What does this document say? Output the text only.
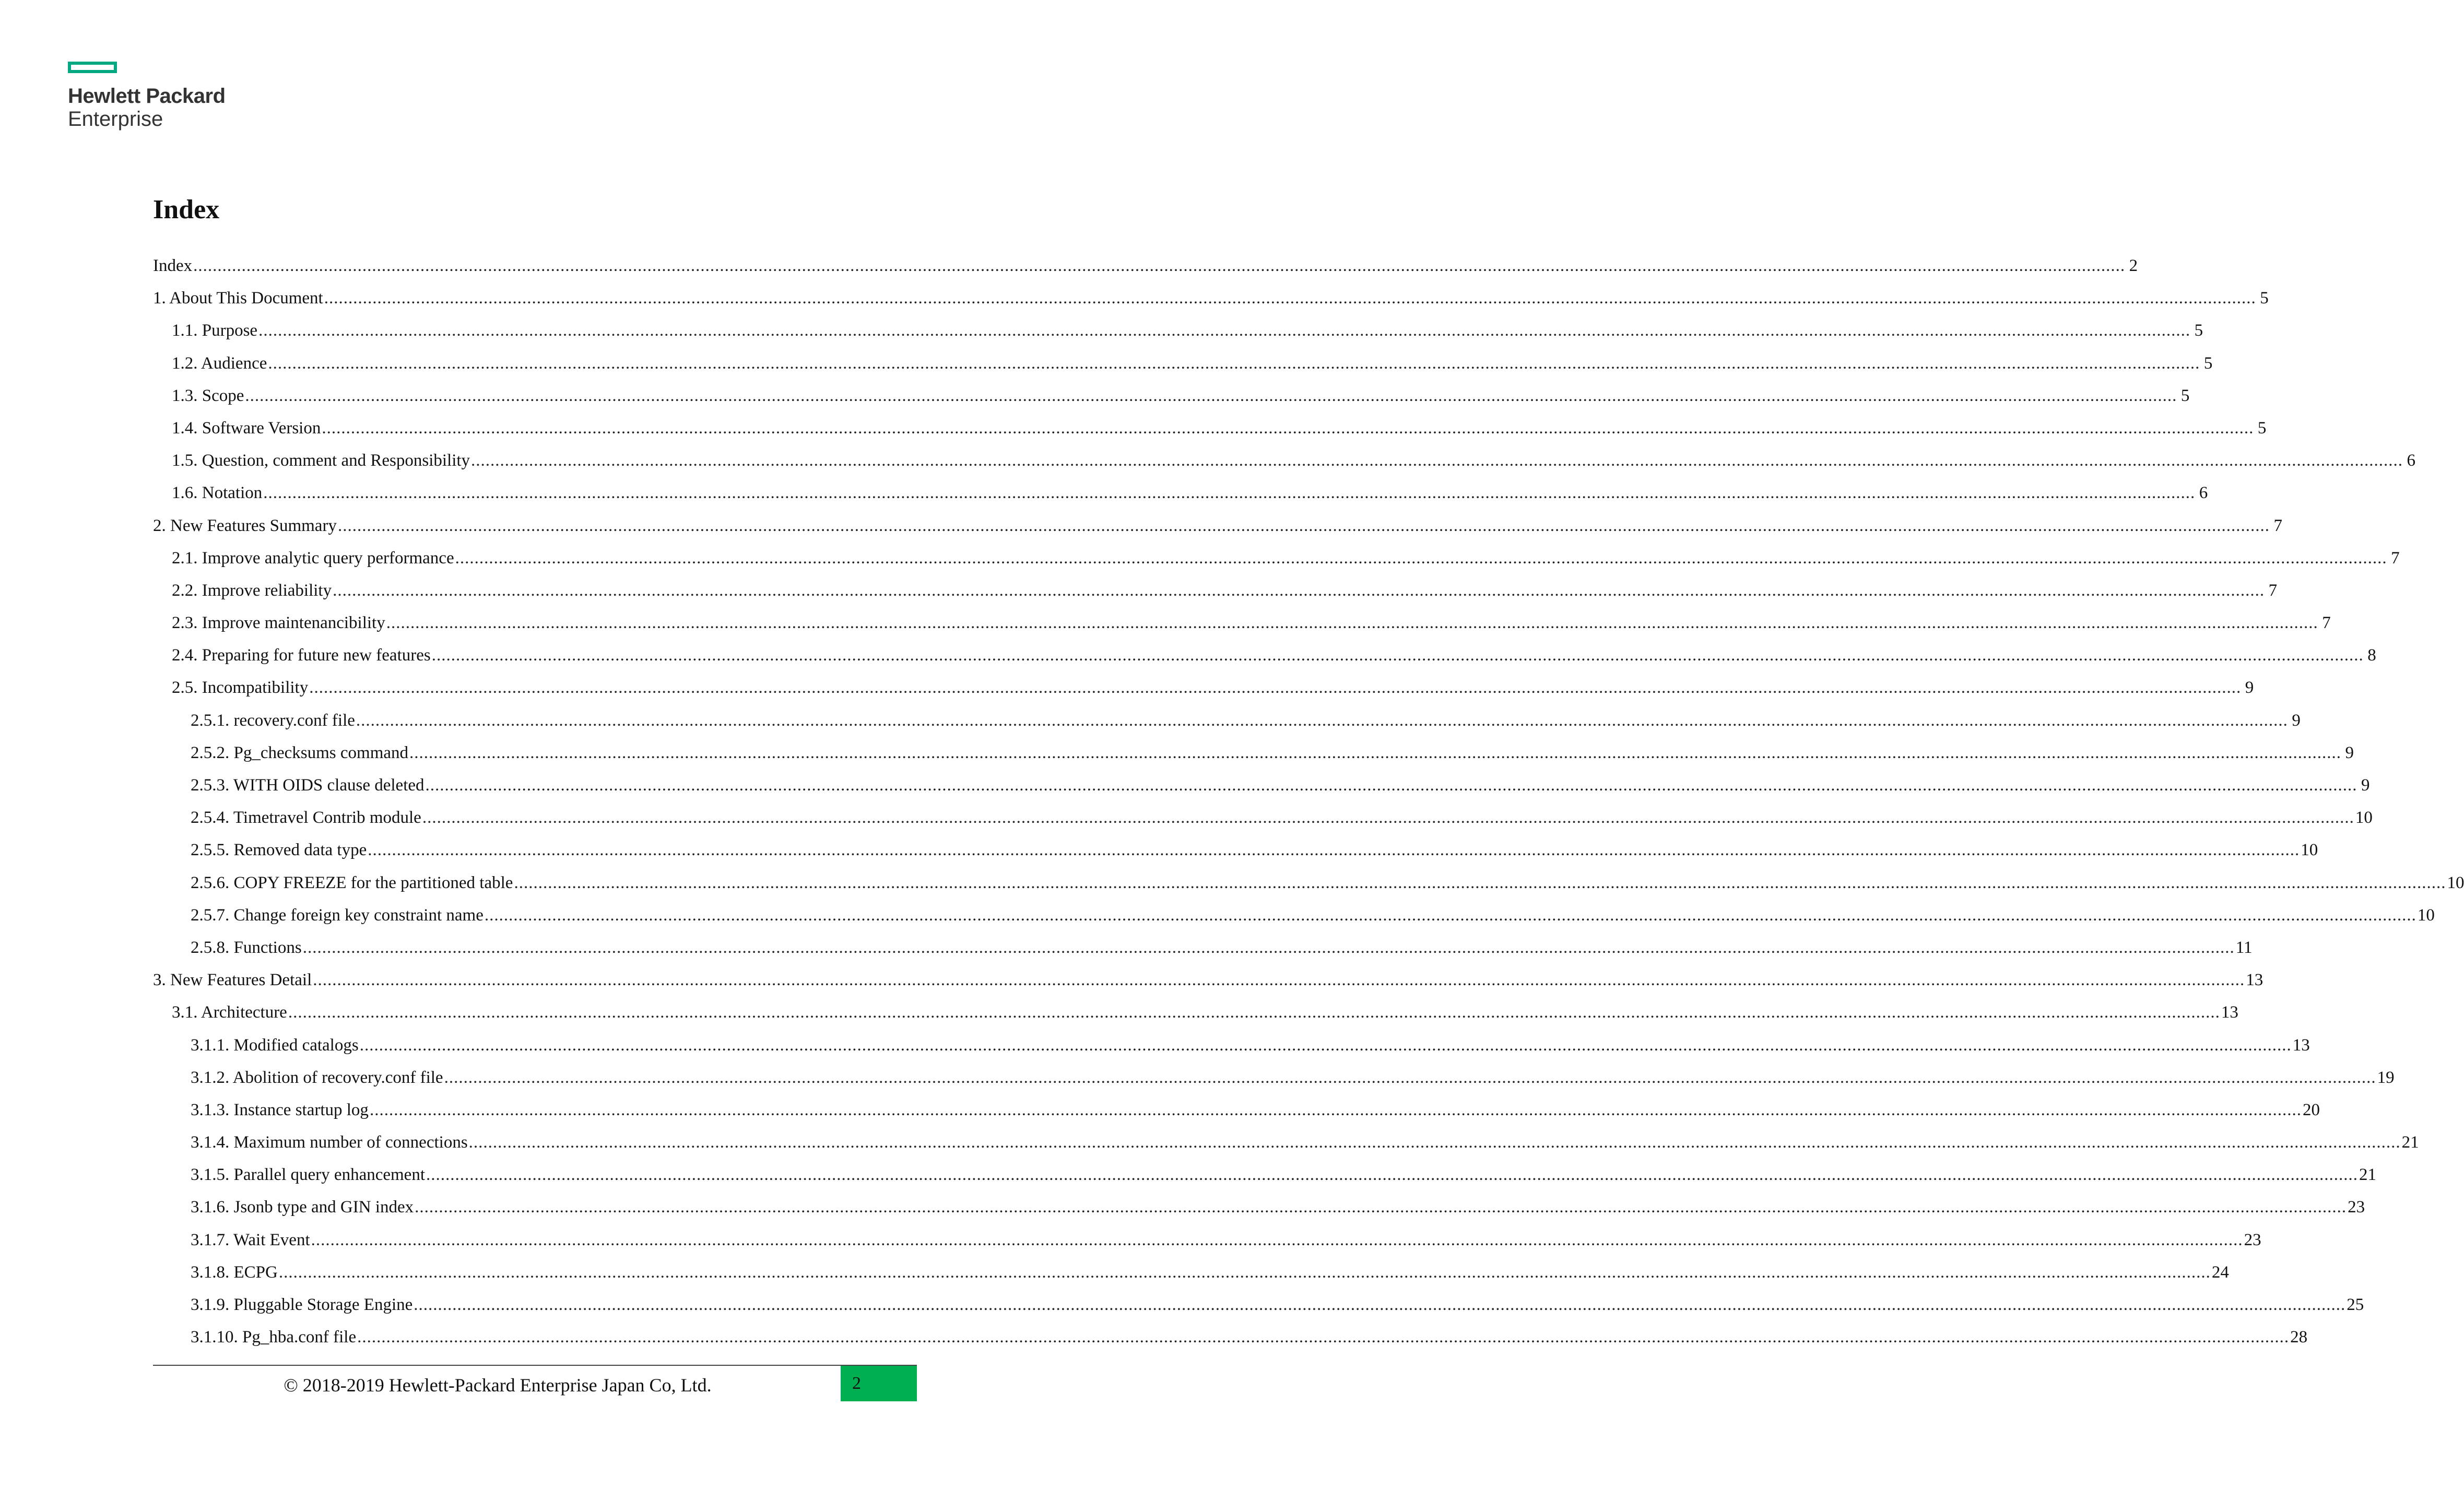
Hewlett Packard
Enterprise
Index
Index ................................................................................................................................................................................................................................................................................................................................................................................................................ 2
1. About This Document ................................................................................................................................................................................................................................................................................................................................................................................................................ 5
1.1. Purpose ................................................................................................................................................................................................................................................................................................................................................................................................................ 5
1.2. Audience ................................................................................................................................................................................................................................................................................................................................................................................................................ 5
1.3. Scope ................................................................................................................................................................................................................................................................................................................................................................................................................ 5
1.4. Software Version ................................................................................................................................................................................................................................................................................................................................................................................................................ 5
1.5. Question, comment and Responsibility ................................................................................................................................................................................................................................................................................................................................................................................................................ 6
1.6. Notation ................................................................................................................................................................................................................................................................................................................................................................................................................ 6
2. New Features Summary ................................................................................................................................................................................................................................................................................................................................................................................................................ 7
2.1. Improve analytic query performance ................................................................................................................................................................................................................................................................................................................................................................................................................ 7
2.2. Improve reliability ................................................................................................................................................................................................................................................................................................................................................................................................................ 7
2.3. Improve maintenancibility ................................................................................................................................................................................................................................................................................................................................................................................................................ 7
2.4. Preparing for future new features ................................................................................................................................................................................................................................................................................................................................................................................................................ 8
2.5. Incompatibility ................................................................................................................................................................................................................................................................................................................................................................................................................ 9
2.5.1. recovery.conf file ................................................................................................................................................................................................................................................................................................................................................................................................................ 9
2.5.2. Pg_checksums command ................................................................................................................................................................................................................................................................................................................................................................................................................ 9
2.5.3. WITH OIDS clause deleted ................................................................................................................................................................................................................................................................................................................................................................................................................ 9
2.5.4. Timetravel Contrib module ................................................................................................................................................................................................................................................................................................................................................................................................................ 10
2.5.5. Removed data type ................................................................................................................................................................................................................................................................................................................................................................................................................ 10
2.5.6. COPY FREEZE for the partitioned table ................................................................................................................................................................................................................................................................................................................................................................................................................ 10
2.5.7. Change foreign key constraint name ................................................................................................................................................................................................................................................................................................................................................................................................................ 10
2.5.8. Functions ................................................................................................................................................................................................................................................................................................................................................................................................................ 11
3. New Features Detail ................................................................................................................................................................................................................................................................................................................................................................................................................ 13
3.1. Architecture ................................................................................................................................................................................................................................................................................................................................................................................................................ 13
3.1.1. Modified catalogs ................................................................................................................................................................................................................................................................................................................................................................................................................ 13
3.1.2. Abolition of recovery.conf file ................................................................................................................................................................................................................................................................................................................................................................................................................ 19
3.1.3. Instance startup log ................................................................................................................................................................................................................................................................................................................................................................................................................ 20
3.1.4. Maximum number of connections ................................................................................................................................................................................................................................................................................................................................................................................................................ 21
3.1.5. Parallel query enhancement ................................................................................................................................................................................................................................................................................................................................................................................................................ 21
3.1.6. Jsonb type and GIN index ................................................................................................................................................................................................................................................................................................................................................................................................................ 23
3.1.7. Wait Event ................................................................................................................................................................................................................................................................................................................................................................................................................ 23
3.1.8. ECPG ................................................................................................................................................................................................................................................................................................................................................................................................................ 24
3.1.9. Pluggable Storage Engine ................................................................................................................................................................................................................................................................................................................................................................................................................ 25
3.1.10. Pg_hba.conf file ................................................................................................................................................................................................................................................................................................................................................................................................................ 28
© 2018-2019 Hewlett-Packard Enterprise Japan Co, Ltd.	2
